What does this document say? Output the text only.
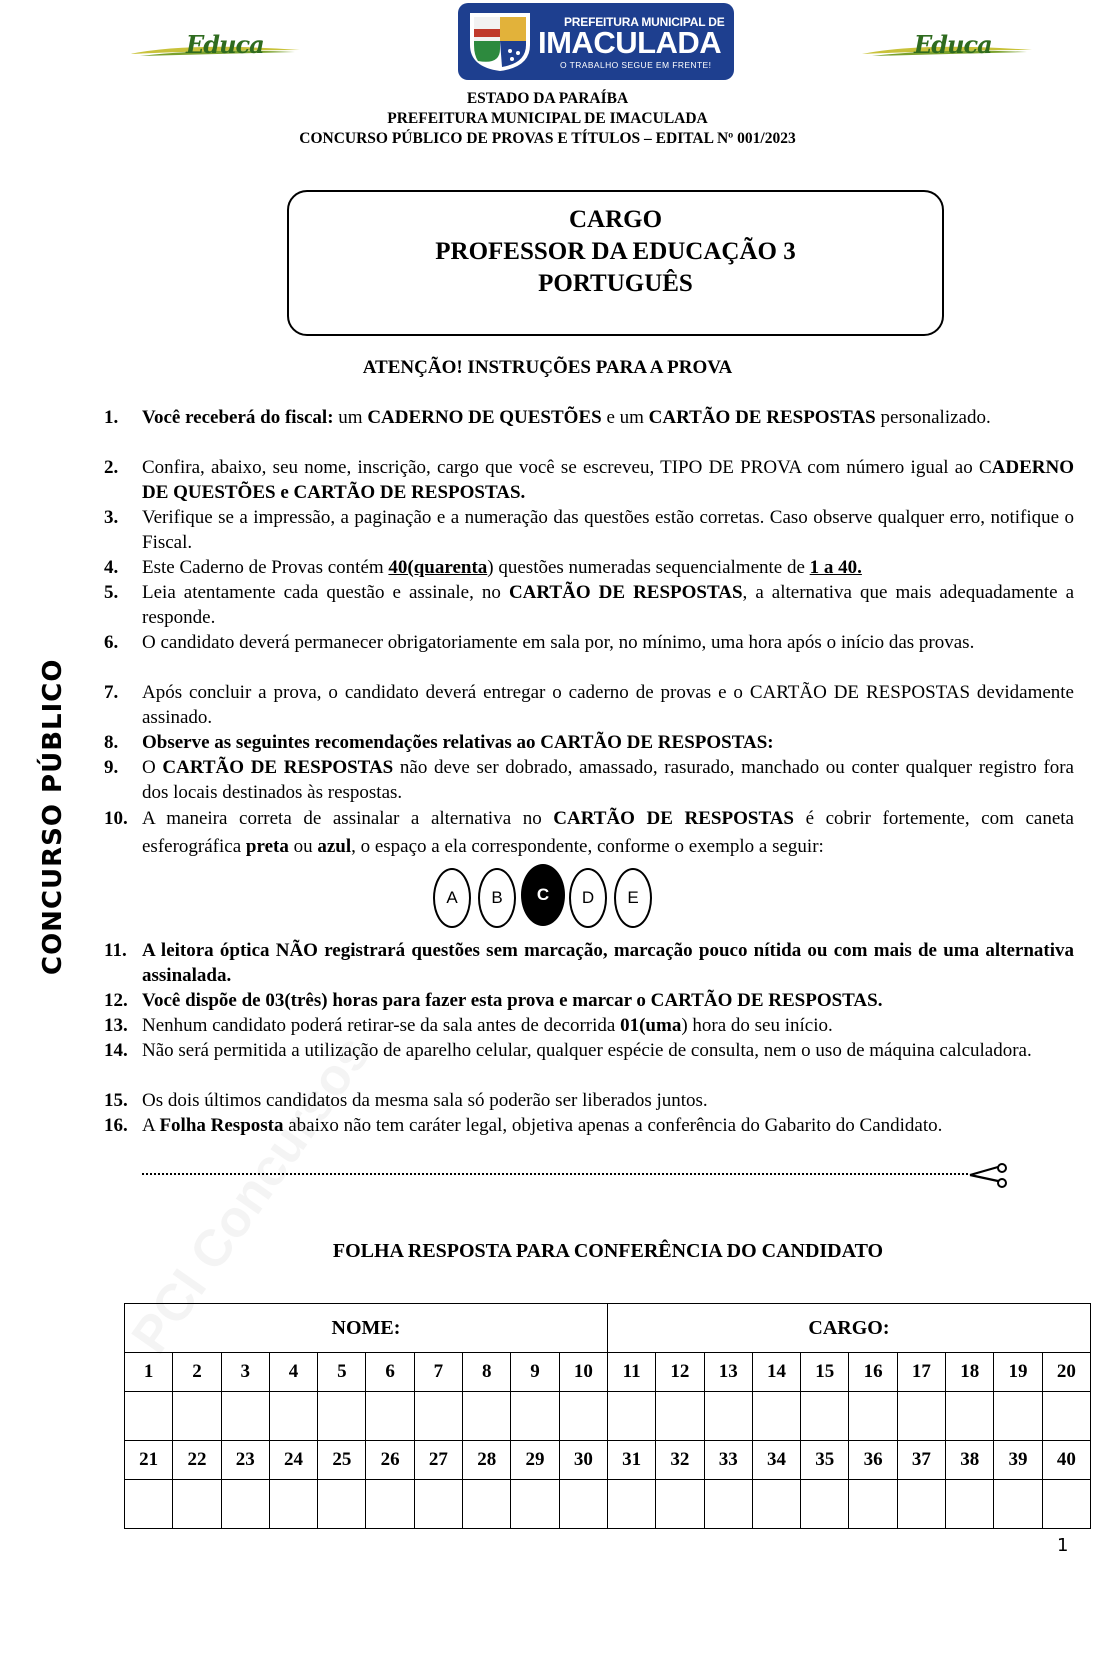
Educa	Educa
PREFEITURA MUNICIPAL DE
IMACULADA
O TRABALHO SEGUE EM FRENTE!
ESTADO DA PARAÍBA
PREFEITURA MUNICIPAL DE IMACULADA
CONCURSO PÚBLICO DE PROVAS E TÍTULOS – EDITAL Nº 001/2023
CARGO
PROFESSOR DA EDUCAÇÃO 3
PORTUGUÊS
ATENÇÃO! INSTRUÇÕES PARA A PROVA
1.	Você receberá do fiscal: um CADERNO DE QUESTÕES e um CARTÃO DE RESPOSTAS personalizado.
2.	Confira, abaixo, seu nome, inscrição, cargo que você se escreveu, TIPO DE PROVA com número igual ao CADERNO DE QUESTÕES e CARTÃO DE RESPOSTAS.
3.	Verifique se a impressão, a paginação e a numeração das questões estão corretas. Caso observe qualquer erro, notifique o Fiscal.
4.	Este Caderno de Provas contém 40(quarenta) questões numeradas sequencialmente de 1 a 40.
5.	Leia atentamente cada questão e assinale, no CARTÃO DE RESPOSTAS, a alternativa que mais adequadamente a responde.
6.	O candidato deverá permanecer obrigatoriamente em sala por, no mínimo, uma hora após o início das provas.
7.	Após concluir a prova, o candidato deverá entregar o caderno de provas e o CARTÃO DE RESPOSTAS devidamente assinado.
8.	Observe as seguintes recomendações relativas ao CARTÃO DE RESPOSTAS:
9.	O CARTÃO DE RESPOSTAS não deve ser dobrado, amassado, rasurado, manchado ou conter qualquer registro fora dos locais destinados às respostas.
10. A maneira correta de assinalar a alternativa no CARTÃO DE RESPOSTAS é cobrir fortemente, com caneta esferográfica preta ou azul, o espaço a ela correspondente, conforme o exemplo a seguir:
A	B	C	D	E
11. A leitora óptica NÃO registrará questões sem marcação, marcação pouco nítida ou com mais de uma alternativa assinalada.
12. Você dispõe de 03(três) horas para fazer esta prova e marcar o CARTÃO DE RESPOSTAS.
13. Nenhum candidato poderá retirar-se da sala antes de decorrida 01(uma) hora do seu início.
14. Não será permitida a utilização de aparelho celular, qualquer espécie de consulta, nem o uso de máquina calculadora.
15. Os dois últimos candidatos da mesma sala só poderão ser liberados juntos.
16. A Folha Resposta abaixo não tem caráter legal, objetiva apenas a conferência do Gabarito do Candidato.
FOLHA RESPOSTA PARA CONFERÊNCIA DO CANDIDATO
NOME:										CARGO:									
1	2	3	4	5	6	7	8	9	10	11	12	13	14	15	16	17	18	19	20

21	22	23	24	25	26	27	28	29	30	31	32	33	34	35	36	37	38	39	40

CONCURSO PÚBLICO
1
